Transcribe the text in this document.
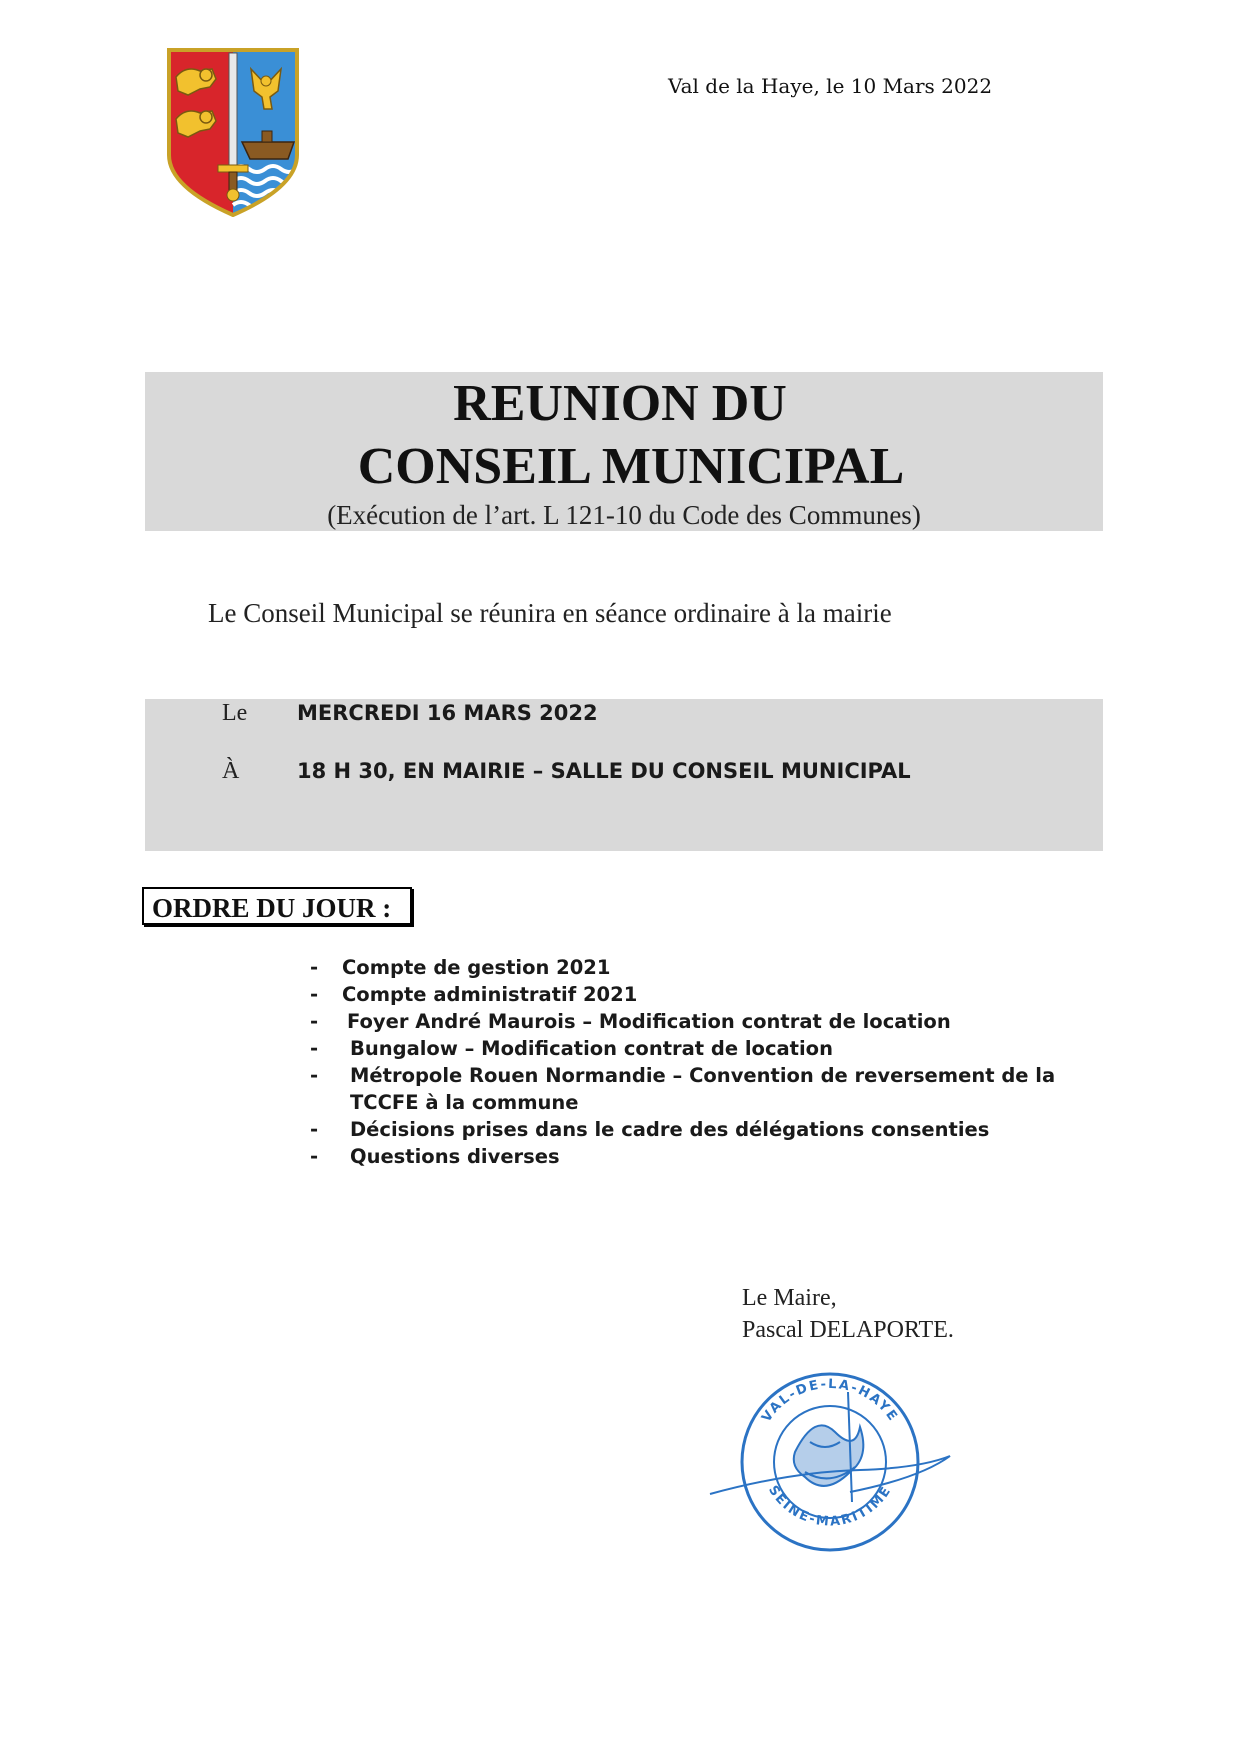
Val de la Haye, le 10 Mars 2022
REUNION DU
CONSEIL MUNICIPAL
(Exécution de l’art. L 121-10 du Code des Communes)
Le Conseil Municipal se réunira en séance ordinaire à la mairie
Le MERCREDI 16 MARS 2022
À	18 H 30, EN MAIRIE – SALLE DU CONSEIL MUNICIPAL
ORDRE DU JOUR :
- Compte de gestion 2021
- Compte administratif 2021
- Foyer André Maurois – Modification contrat de location
- Bungalow – Modification contrat de location
- Métropole Rouen Normandie – Convention de reversement de la TCCFE à la commune
- Décisions prises dans le cadre des délégations consenties
- Questions diverses
Le Maire,
Pascal DELAPORTE.
VAL-DE-LA-HAYE
SEINE-MARITIME
